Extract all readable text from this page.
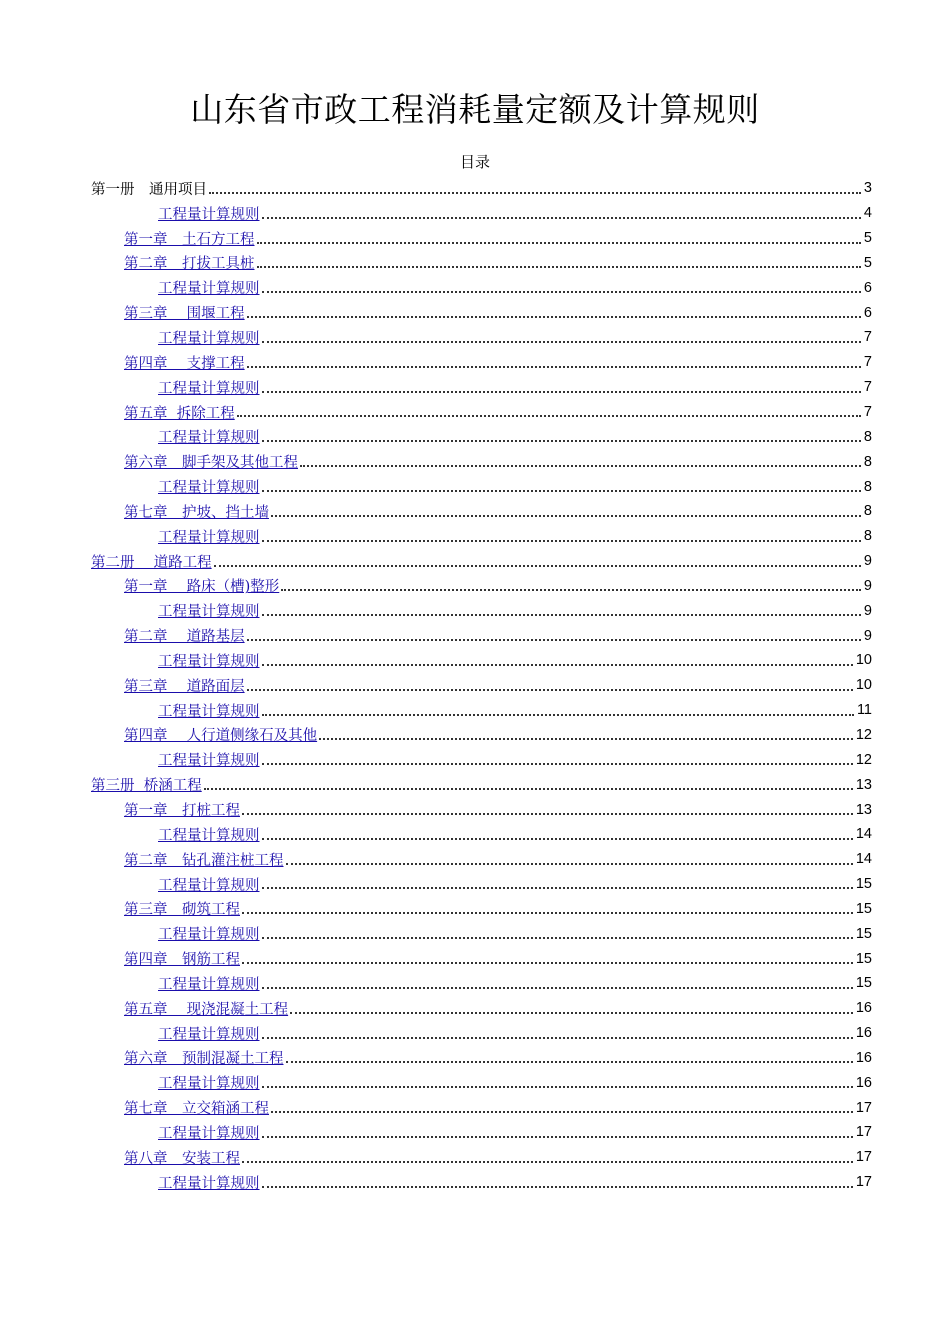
山东省市政工程消耗量定额及计算规则
目录
第一册　通用项目	3
工程量计算规则	4
第一章　土石方工程	5
第二章　打拔工具桩	5
工程量计算规则	6
第三章　 围堰工程	6
工程量计算规则	7
第四章　 支撑工程	7
工程量计算规则	7
第五章  拆除工程	7
工程量计算规则	8
第六章　脚手架及其他工程	8
工程量计算规则	8
第七章　护坡、挡土墙	8
工程量计算规则	8
第二册　 道路工程	9
第一章　 路床（槽)整形	9
工程量计算规则	9
第二章　 道路基层	9
工程量计算规则	10
第三章　 道路面层	10
工程量计算规则	11
第四章　 人行道侧缘石及其他	12
工程量计算规则	12
第三册  桥涵工程	13
第一章　打桩工程	13
工程量计算规则	14
第二章　钻孔灌注桩工程	14
工程量计算规则	15
第三章　砌筑工程	15
工程量计算规则	15
第四章　钢筋工程	15
工程量计算规则	15
第五章　 现浇混凝土工程	16
工程量计算规则	16
第六章　预制混凝土工程	16
工程量计算规则	16
第七章　立交箱涵工程	17
工程量计算规则	17
第八章　安装工程	17
工程量计算规则	17
